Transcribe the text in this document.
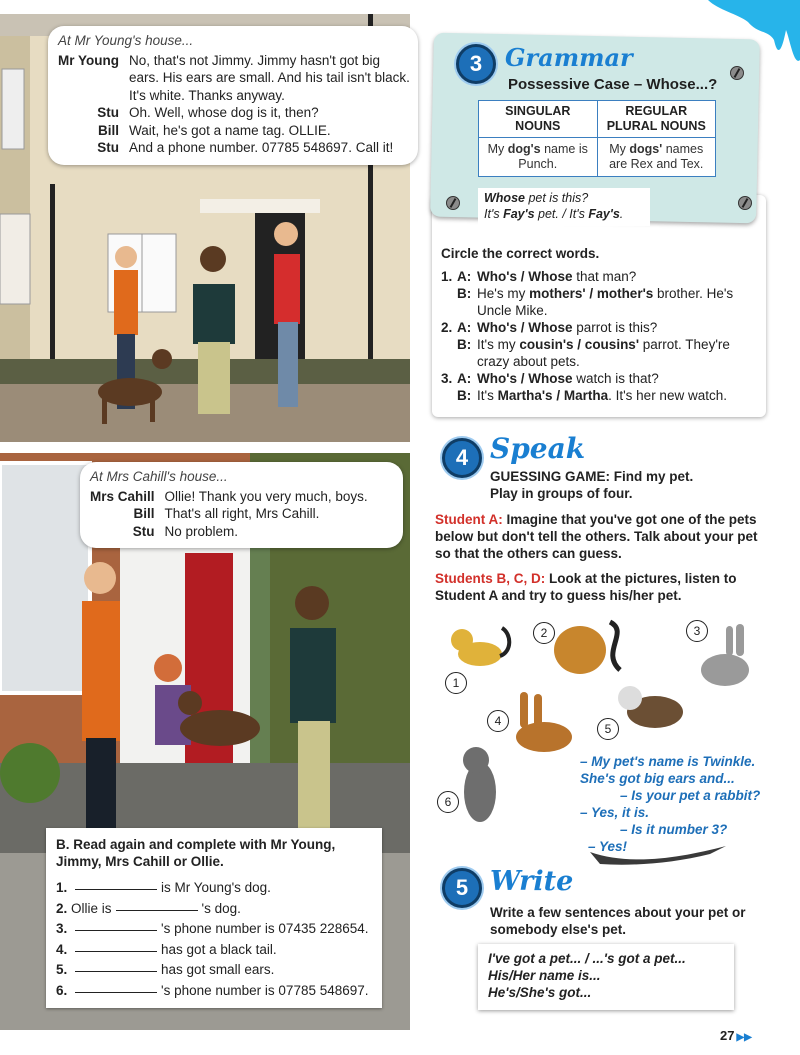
At Mr Young's house...
Mr Young No, that's not Jimmy. Jimmy hasn't got big ears. His ears are small. And his tail isn't black. It's white. Thanks anyway.
Stu Oh. Well, whose dog is it, then?
Bill Wait, he's got a name tag. OLLIE.
Stu And a phone number. 07785 548697. Call it!
At Mrs Cahill's house...
Mrs Cahill Ollie! Thank you very much, boys.
Bill That's all right, Mrs Cahill.
Stu No problem.
B. Read again and complete with Mr Young, Jimmy, Mrs Cahill or Ollie.
1.	is Mr Young's dog.
2. Ollie is	's dog.
3.	's phone number is 07435 228654.
4.	has got a black tail.
5.	has got small ears.
6.	's phone number is 07785 548697.
3 Grammar
Possessive Case – Whose...?
SINGULAR NOUNS	REGULAR PLURAL NOUNS
My dog's name is Punch.	My dogs' names are Rex and Tex.
Whose pet is this?
It's Fay's pet. / It's Fay's.
Circle the correct words.
1. A: Who's / Whose that man?
B: He's my mothers' / mother's brother. He's Uncle Mike.
2. A: Who's / Whose parrot is this?
B: It's my cousin's / cousins' parrot. They're crazy about pets.
3. A: Who's / Whose watch is that?
B: It's Martha's / Martha. It's her new watch.
4 Speak
GUESSING GAME: Find my pet.
Play in groups of four.
Student A: Imagine that you've got one of the pets below but don't tell the others. Talk about your pet so that the others can guess.
Students B, C, D: Look at the pictures, listen to Student A and try to guess his/her pet.
1
2	3
4
5
6
– My pet's name is Twinkle.
She's got big ears and...
– Is your pet a rabbit?
– Yes, it is.
– Is it number 3?
– Yes!
5 Write
Write a few sentences about your pet or somebody else's pet.
I've got a pet... / ...'s got a pet...
His/Her name is...
He's/She's got...
27 ▶▶
